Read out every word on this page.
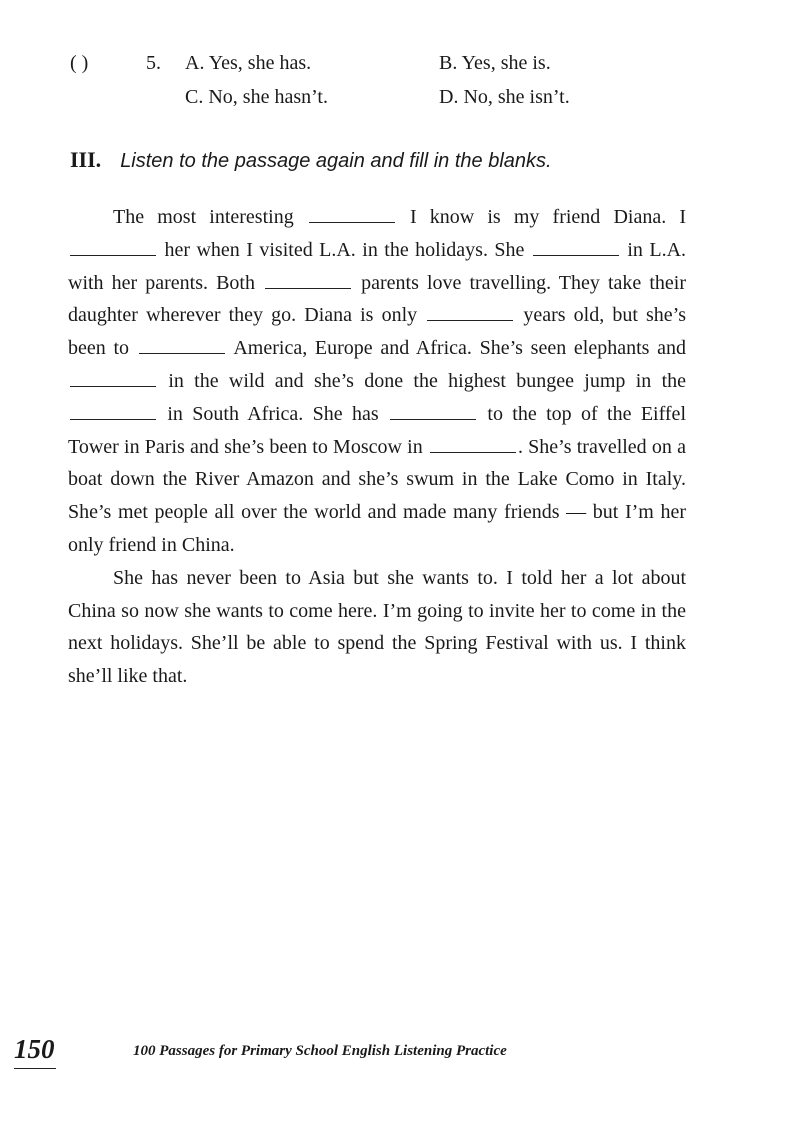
( )	5. A. Yes, she has.	B. Yes, she is.
C. No, she hasn’t.	D. No, she isn’t.
III. Listen to the passage again and fill in the blanks.

The most interesting	I know is my friend Diana. I  her when I visited L.A. in the holidays. She	in L.A. with her parents. Both	parents love travelling. They take their daughter wherever they go. Diana is only	years old, but she’s been to	America, Europe and Africa. She’s seen elephants and  in the wild and she’s done the highest bungee jump in the  in South Africa. She has	to the top of the Eiffel Tower in Paris and she’s been to Moscow in	. She’s travelled on a boat down the River Amazon and she’s swum in the Lake Como in Italy. She’s met people all over the world and made many friends — but I’m her only friend in China.

She has never been to Asia but she wants to. I told her a lot about China so now she wants to come here. I’m going to invite her to come in the next holidays. She’ll be able to spend the Spring Festival with us. I think she’ll like that.

150	100 Passages for Primary School English Listening Practice
